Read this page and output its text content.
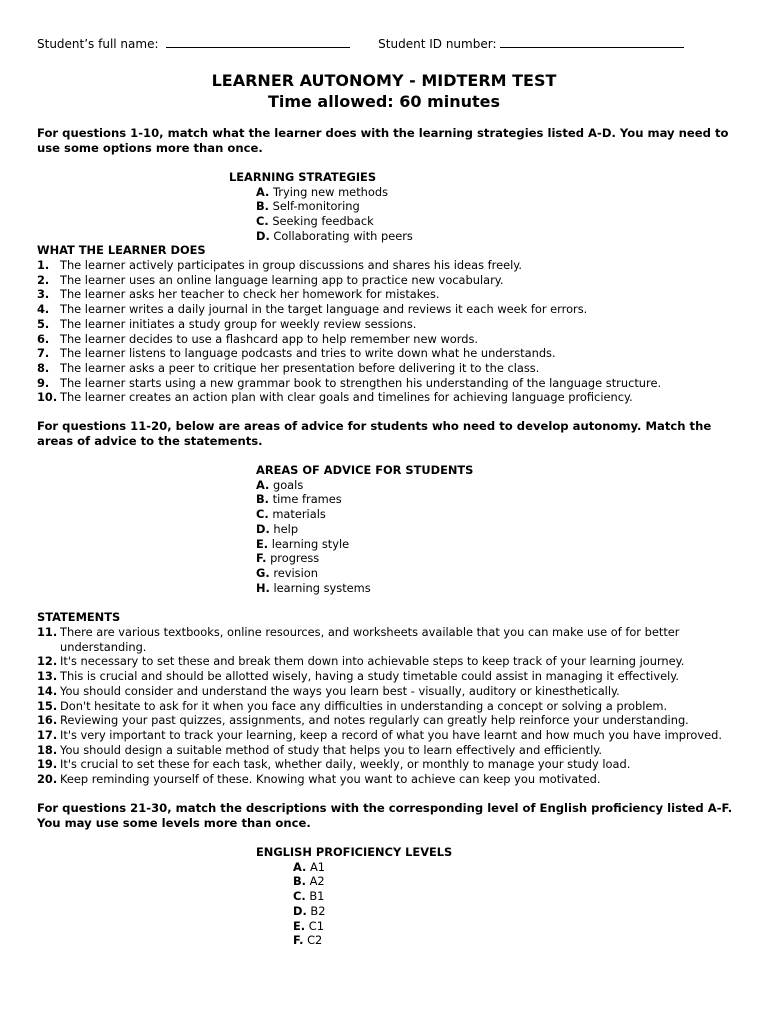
Student’s full name:	Student ID number:
LEARNER AUTONOMY - MIDTERM TEST
Time allowed: 60 minutes
For questions 1-10, match what the learner does with the learning strategies listed A-D. You may need to use some options more than once.
LEARNING STRATEGIES
A. Trying new methods
B. Self-monitoring
C. Seeking feedback
D. Collaborating with peers
WHAT THE LEARNER DOES
1. The learner actively participates in group discussions and shares his ideas freely.
2. The learner uses an online language learning app to practice new vocabulary.
3. The learner asks her teacher to check her homework for mistakes.
4. The learner writes a daily journal in the target language and reviews it each week for errors.
5. The learner initiates a study group for weekly review sessions.
6. The learner decides to use a flashcard app to help remember new words.
7. The learner listens to language podcasts and tries to write down what he understands.
8. The learner asks a peer to critique her presentation before delivering it to the class.
9. The learner starts using a new grammar book to strengthen his understanding of the language structure.
10. The learner creates an action plan with clear goals and timelines for achieving language proficiency.
For questions 11-20, below are areas of advice for students who need to develop autonomy. Match the areas of advice to the statements.
AREAS OF ADVICE FOR STUDENTS
A. goals
B. time frames
C. materials
D. help
E. learning style
F. progress
G. revision
H. learning systems
STATEMENTS
11. There are various textbooks, online resources, and worksheets available that you can make use of for better understanding.
12. It's necessary to set these and break them down into achievable steps to keep track of your learning journey.
13. This is crucial and should be allotted wisely, having a study timetable could assist in managing it effectively.
14. You should consider and understand the ways you learn best - visually, auditory or kinesthetically.
15. Don't hesitate to ask for it when you face any difficulties in understanding a concept or solving a problem.
16. Reviewing your past quizzes, assignments, and notes regularly can greatly help reinforce your understanding.
17. It's very important to track your learning, keep a record of what you have learnt and how much you have improved.
18. You should design a suitable method of study that helps you to learn effectively and efficiently.
19. It's crucial to set these for each task, whether daily, weekly, or monthly to manage your study load.
20. Keep reminding yourself of these. Knowing what you want to achieve can keep you motivated.
For questions 21-30, match the descriptions with the corresponding level of English proficiency listed A-F. You may use some levels more than once.
ENGLISH PROFICIENCY LEVELS
A. A1
B. A2
C. B1
D. B2
E. C1
F. C2
